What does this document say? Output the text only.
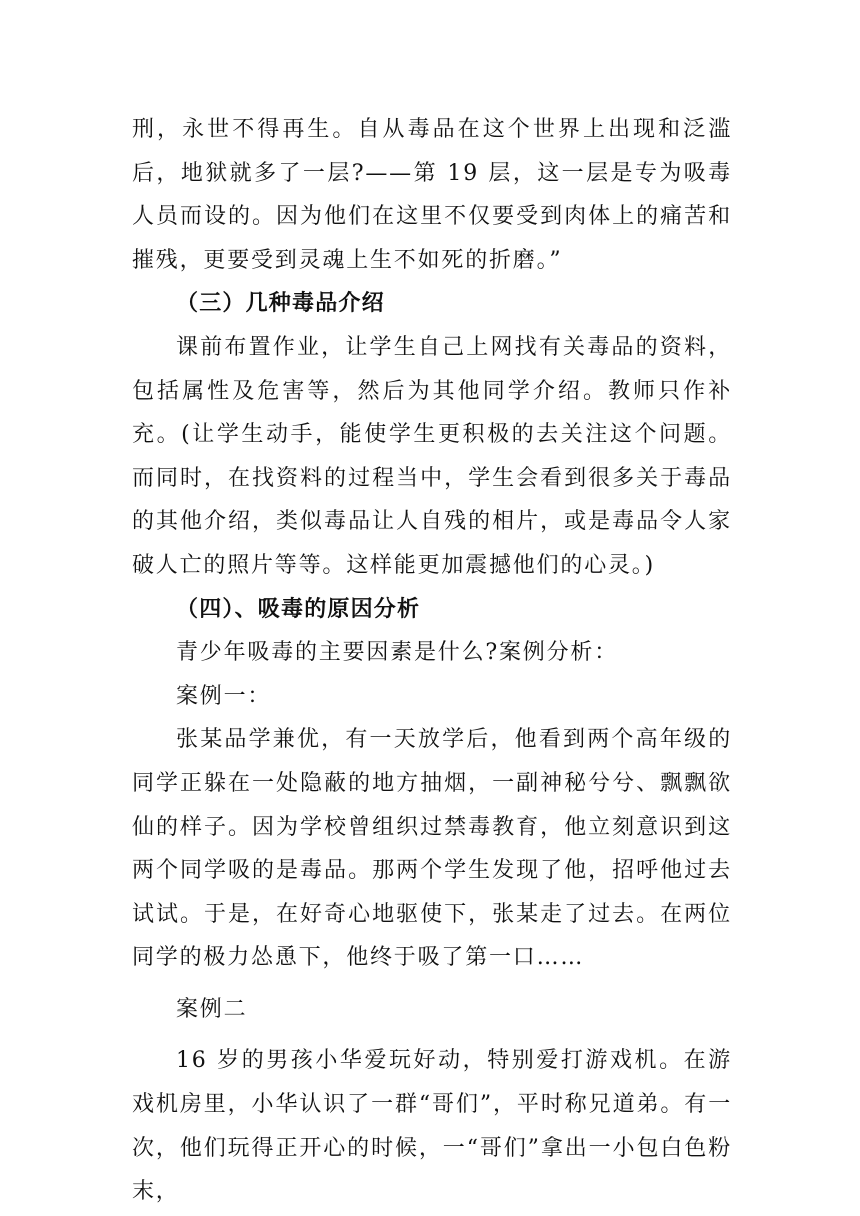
刑，永世不得再生。自从毒品在这个世界上出现和泛滥后，地狱就多了一层?——第 19 层，这一层是专为吸毒人员而设的。因为他们在这里不仅要受到肉体上的痛苦和摧残，更要受到灵魂上生不如死的折磨。”

（三）几种毒品介绍

课前布置作业，让学生自己上网找有关毒品的资料，包括属性及危害等，然后为其他同学介绍。教师只作补充。(让学生动手，能使学生更积极的去关注这个问题。而同时，在找资料的过程当中，学生会看到很多关于毒品的其他介绍，类似毒品让人自残的相片，或是毒品令人家破人亡的照片等等。这样能更加震撼他们的心灵。)

（四）、吸毒的原因分析

青少年吸毒的主要因素是什么?案例分析：

案例一：

张某品学兼优，有一天放学后，他看到两个高年级的同学正躲在一处隐蔽的地方抽烟，一副神秘兮兮、飘飘欲仙的样子。因为学校曾组织过禁毒教育，他立刻意识到这两个同学吸的是毒品。那两个学生发现了他，招呼他过去试试。于是，在好奇心地驱使下，张某走了过去。在两位同学的极力怂恿下，他终于吸了第一口……

案例二

16 岁的男孩小华爱玩好动，特别爱打游戏机。在游戏机房里，小华认识了一群“哥们”，平时称兄道弟。有一次，他们玩得正开心的时候，一“哥们”拿出一小包白色粉末，
